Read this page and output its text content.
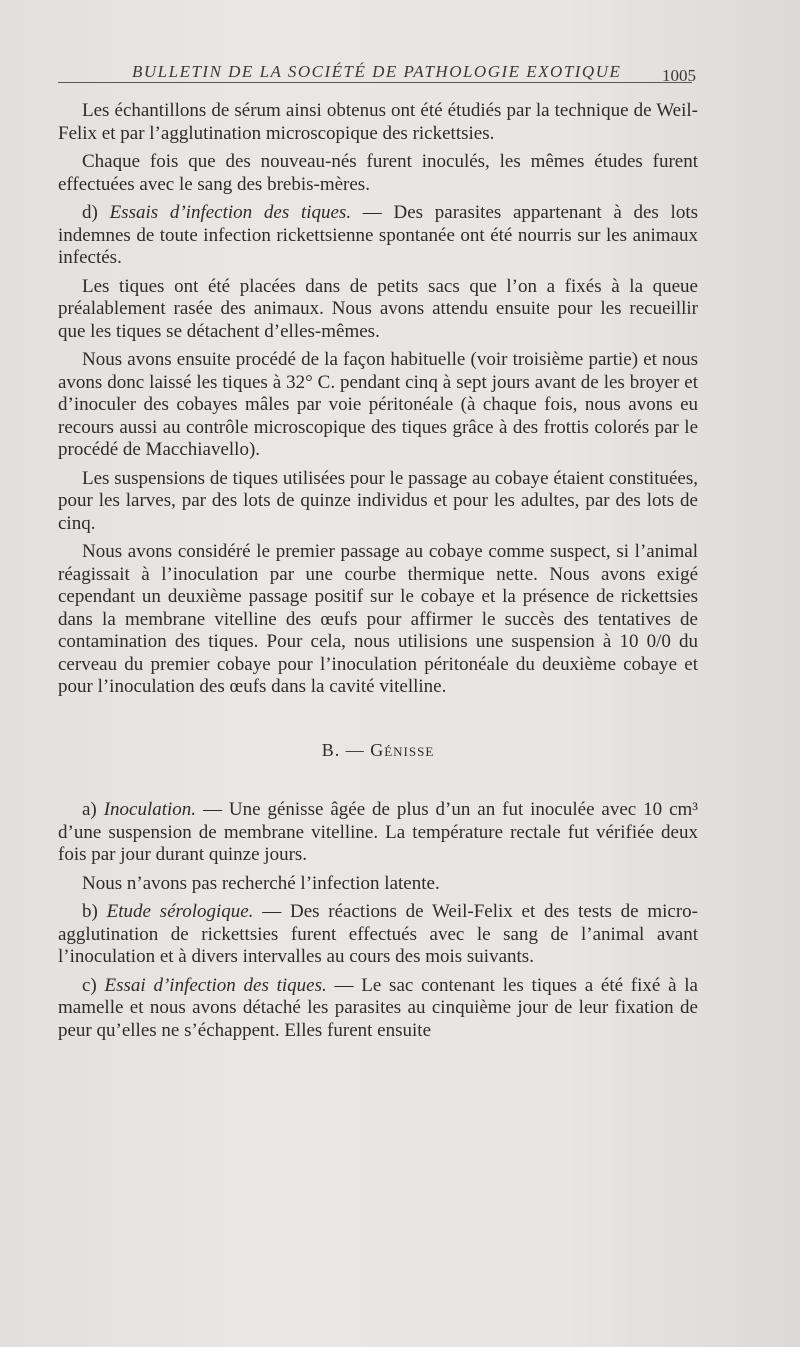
BULLETIN DE LA SOCIÉTÉ DE PATHOLOGIE EXOTIQUE 1005

Les échantillons de sérum ainsi obtenus ont été étudiés par la technique de Weil-Felix et par l’agglutination microscopique des rickettsies.

Chaque fois que des nouveau-nés furent inoculés, les mêmes études furent effectuées avec le sang des brebis-mères.

d) Essais d’infection des tiques. — Des parasites appartenant à des lots indemnes de toute infection rickettsienne spontanée ont été nourris sur les animaux infectés.

Les tiques ont été placées dans de petits sacs que l’on a fixés à la queue préalablement rasée des animaux. Nous avons attendu ensuite pour les recueillir que les tiques se détachent d’elles-mêmes.

Nous avons ensuite procédé de la façon habituelle (voir troisième partie) et nous avons donc laissé les tiques à 32° C. pendant cinq à sept jours avant de les broyer et d’inoculer des cobayes mâles par voie péritonéale (à chaque fois, nous avons eu recours aussi au contrôle microscopique des tiques grâce à des frottis colorés par le procédé de Macchiavello).

Les suspensions de tiques utilisées pour le passage au cobaye étaient constituées, pour les larves, par des lots de quinze individus et pour les adultes, par des lots de cinq.

Nous avons considéré le premier passage au cobaye comme suspect, si l’animal réagissait à l’inoculation par une courbe thermique nette. Nous avons exigé cependant un deuxième passage positif sur le cobaye et la présence de rickettsies dans la membrane vitelline des œufs pour affirmer le succès des tentatives de contamination des tiques. Pour cela, nous utilisions une suspension à 10 0/0 du cerveau du premier cobaye pour l’inoculation péritonéale du deuxième cobaye et pour l’inoculation des œufs dans la cavité vitelline.

B. — Génisse

a) Inoculation. — Une génisse âgée de plus d’un an fut inoculée avec 10 cm³ d’une suspension de membrane vitelline. La température rectale fut vérifiée deux fois par jour durant quinze jours.

Nous n’avons pas recherché l’infection latente.

b) Etude sérologique. — Des réactions de Weil-Felix et des tests de micro-agglutination de rickettsies furent effectués avec le sang de l’animal avant l’inoculation et à divers intervalles au cours des mois suivants.

c) Essai d’infection des tiques. — Le sac contenant les tiques a été fixé à la mamelle et nous avons détaché les parasites au cinquième jour de leur fixation de peur qu’elles ne s’échappent. Elles furent ensuite
